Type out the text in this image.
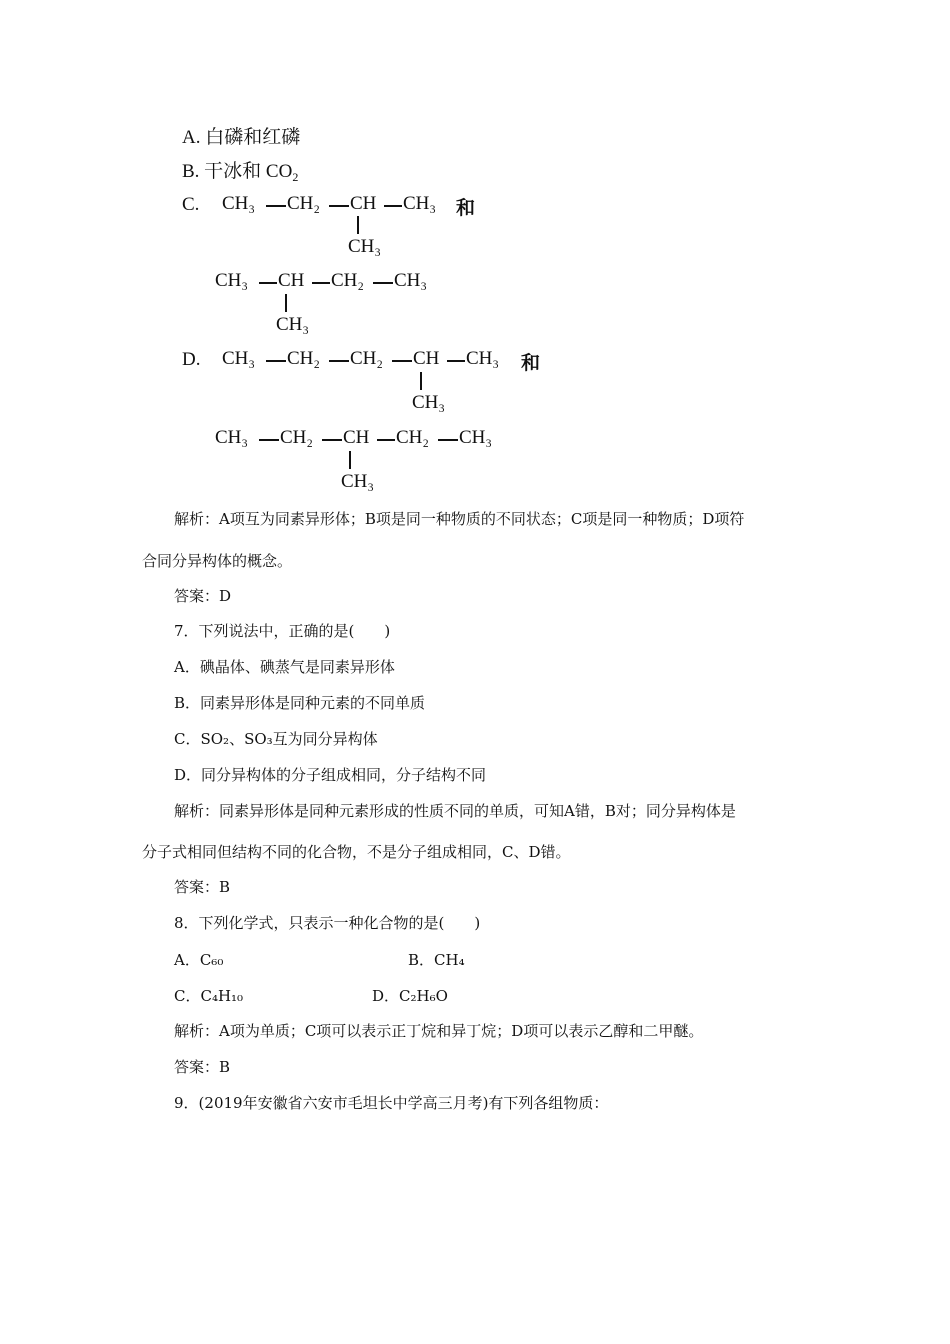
A. 白磷和红磷
B. 干冰和 $CO_2$
C. CH₃ CH₂ CH CH₃ 和
CH₃
CH₃ CH CH₂ CH₃
CH₃
D. CH₃ CH₂ CH₂ CH CH₃ 和
CH₃
CH₃ CH₂ CH CH₂ CH₃
CH₃
解析：A项互为同素异形体；B项是同一种物质的不同状态；C项是同一种物质；D项符
合同分异构体的概念。
答案：D
7．下列说法中，正确的是(　　)
A．碘晶体、碘蒸气是同素异形体
B．同素异形体是同种元素的不同单质
C．SO₂、SO₃互为同分异构体
D．同分异构体的分子组成相同，分子结构不同
解析：同素异形体是同种元素形成的性质不同的单质，可知A错，B对；同分异构体是
分子式相同但结构不同的化合物，不是分子组成相同，C、D错。
答案：B
8．下列化学式，只表示一种化合物的是(　　)
A．C₆₀	B．CH₄
C．C₄H₁₀	D．C₂H₆O
解析：A项为单质；C项可以表示正丁烷和异丁烷；D项可以表示乙醇和二甲醚。
答案：B
9．(2019年安徽省六安市毛坦长中学高三月考)有下列各组物质：
